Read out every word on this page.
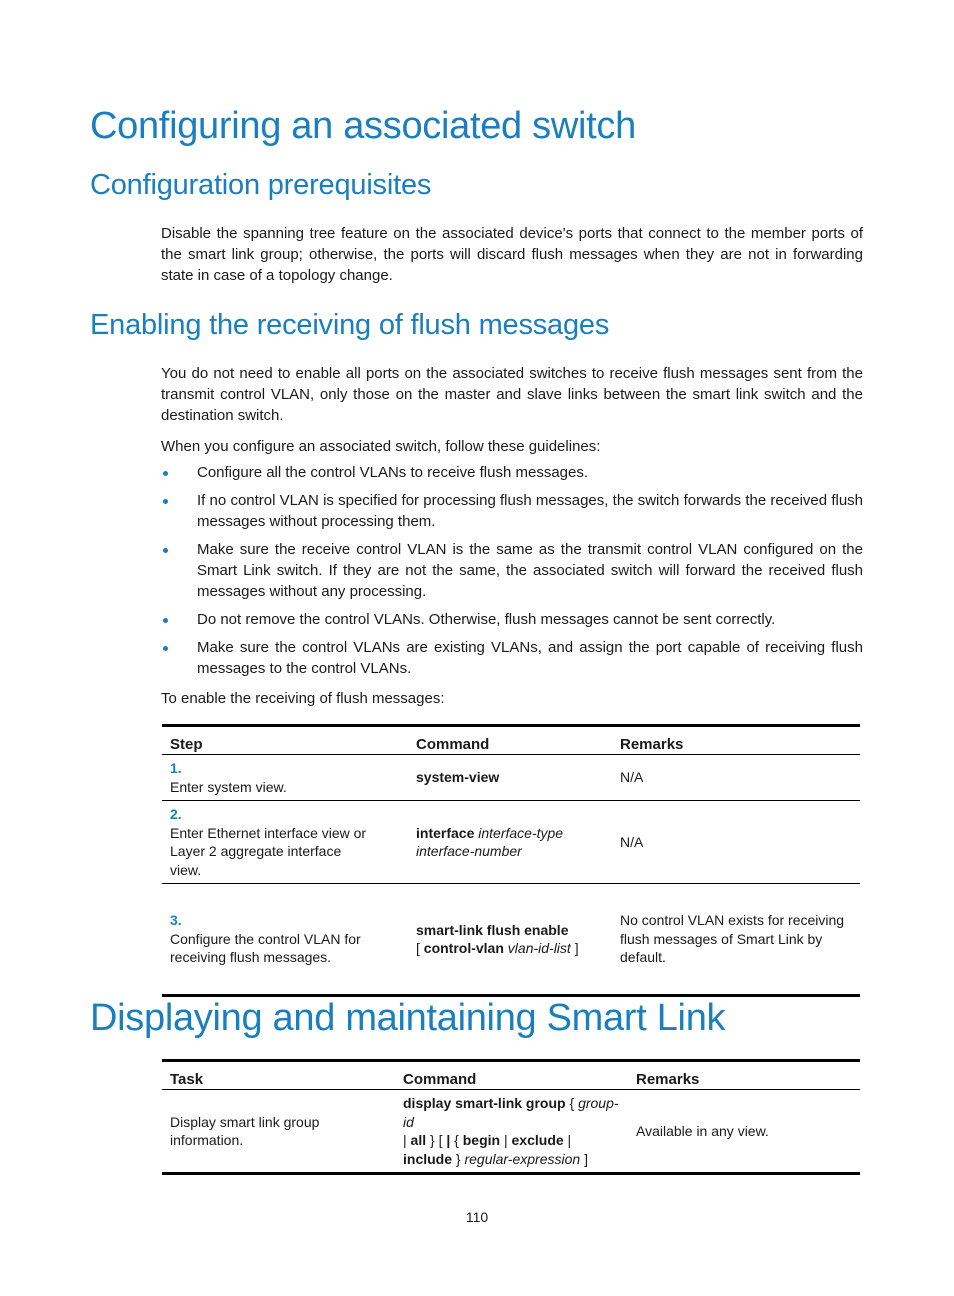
Configuring an associated switch
Configuration prerequisites

Disable the spanning tree feature on the associated device's ports that connect to the member ports of the smart link group; otherwise, the ports will discard flush messages when they are not in forwarding state in case of a topology change.

Enabling the receiving of flush messages

You do not need to enable all ports on the associated switches to receive flush messages sent from the transmit control VLAN, only those on the master and slave links between the smart link switch and the destination switch.

When you configure an associated switch, follow these guidelines:

Configure all the control VLANs to receive flush messages.
If no control VLAN is specified for processing flush messages, the switch forwards the received flush messages without processing them.
Make sure the receive control VLAN is the same as the transmit control VLAN configured on the Smart Link switch. If they are not the same, the associated switch will forward the received flush messages without any processing.
Do not remove the control VLANs. Otherwise, flush messages cannot be sent correctly.
Make sure the control VLANs are existing VLANs, and assign the port capable of receiving flush messages to the control VLANs.

To enable the receiving of flush messages:

Step	Command	Remarks
1.Enter system view.	system-view	N/A
2.Enter Ethernet interface view or Layer 2 aggregate interface view.	interface interface-type interface-number	N/A
3.Configure the control VLAN for receiving flush messages.	smart-link flush enable
[ control-vlan vlan-id-list ]	No control VLAN exists for receiving flush messages of Smart Link by default.
Displaying and maintaining Smart Link
Task	Command	Remarks
Display smart link group information.	display smart-link group { group-id
| all } [ | { begin | exclude |
include } regular-expression ]	Available in any view.
110
